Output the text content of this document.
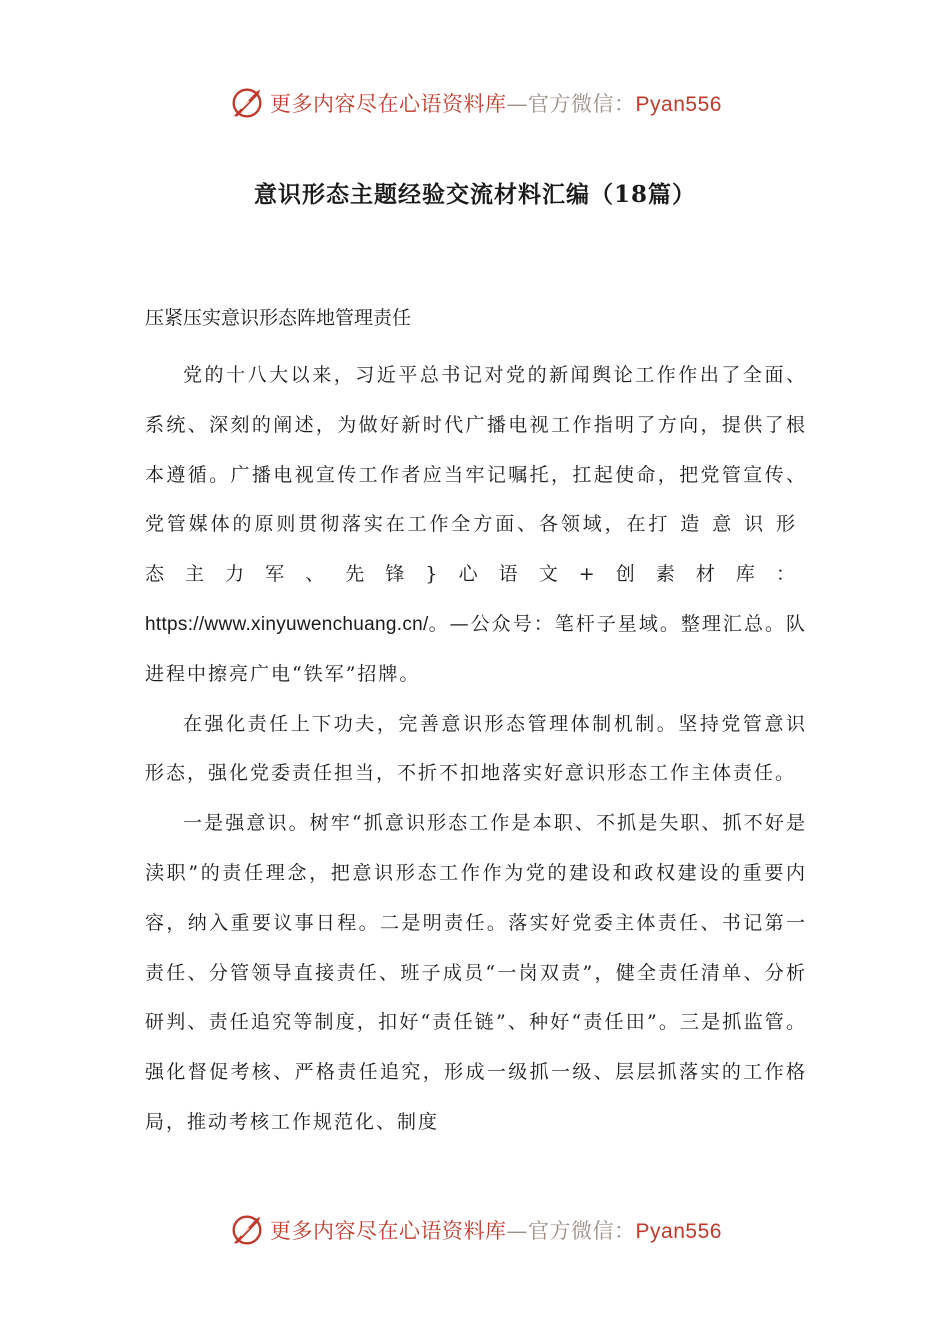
更多内容尽在心语资料库—官方微信：Pyan556
意识形态主题经验交流材料汇编（18篇）
压紧压实意识形态阵地管理责任

党的十八大以来，习近平总书记对党的新闻舆论工作作出了全面、系统、深刻的阐述，为做好新时代广播电视工作指明了方向，提供了根本遵循。广播电视宣传工作者应当牢记嘱托，扛起使命，把党管宣传、党管媒体的原则贯彻落实在工作全方面、各领域，在打造意识形态主力军、先锋}心语文+创素材库：https://www.xinyuwenchuang.cn/。—公众号：笔杆子星域。整理汇总。队进程中擦亮广电“铁军”招牌。

在强化责任上下功夫，完善意识形态管理体制机制。坚持党管意识形态，强化党委责任担当，不折不扣地落实好意识形态工作主体责任。

一是强意识。树牢“抓意识形态工作是本职、不抓是失职、抓不好是渎职”的责任理念，把意识形态工作作为党的建设和政权建设的重要内容，纳入重要议事日程。二是明责任。落实好党委主体责任、书记第一责任、分管领导直接责任、班子成员“一岗双责”，健全责任清单、分析研判、责任追究等制度，扣好“责任链”、种好“责任田”。三是抓监管。强化督促考核、严格责任追究，形成一级抓一级、层层抓落实的工作格局，推动考核工作规范化、制度

更多内容尽在心语资料库—官方微信：Pyan556
